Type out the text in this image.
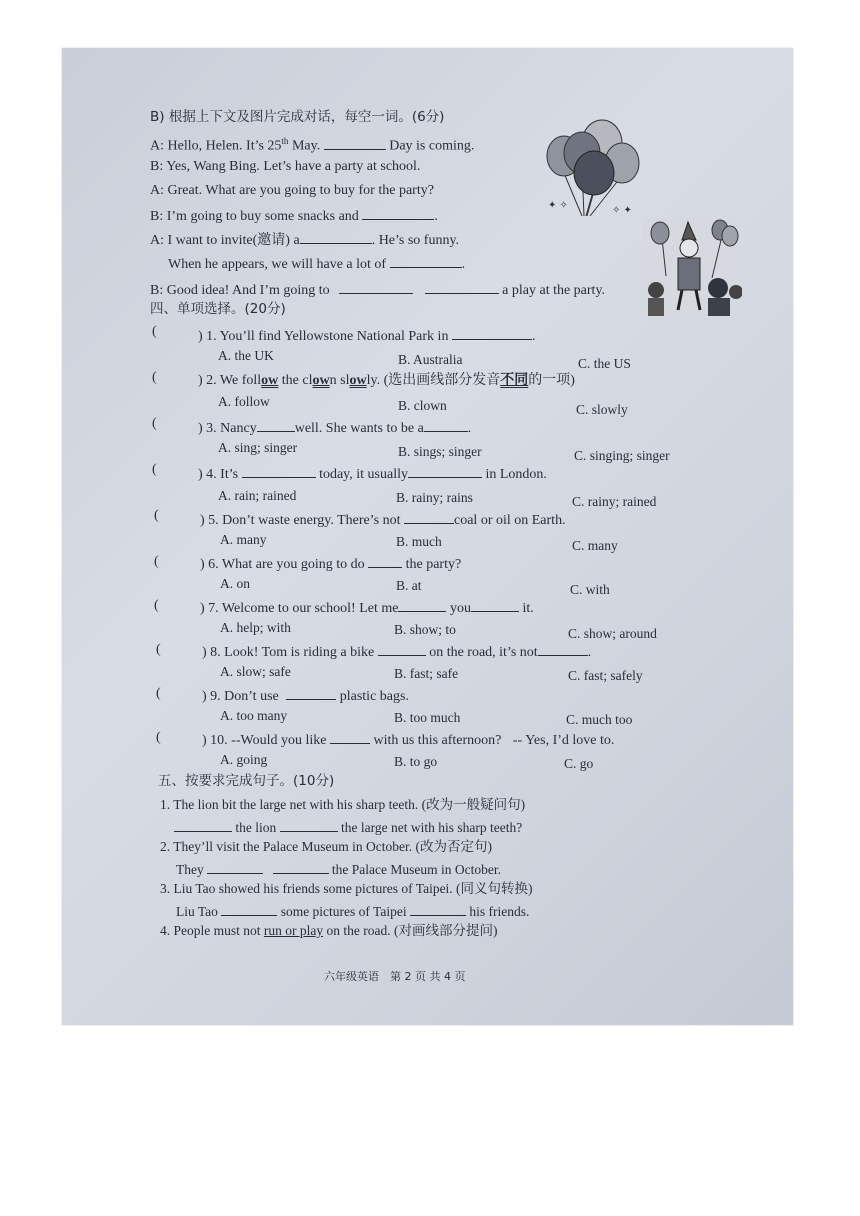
B) 根据上下文及图片完成对话，每空一词。(6分)
A: Hello, Helen. It’s 25th May.	Day is coming.
B: Yes, Wang Bing. Let’s have a party at school.
A: Great. What are you going to buy for the party?
B: I’m going to buy some snacks and	.
A: I want to invite(邀请) a	. He’s so funny.
When he appears, we will have a lot of	.
B: Good idea! And I’m going to	a play at the party.
✦ ✧	✧ ✦
四、单项选择。(20分)
(	) 1. You’ll find Yellowstone National Park in	.
A. the UK	B. Australia	C. the US
(	) 2. We follow the clown slowly. (选出画线部分发音不同的一项)
A. follow	B. clown	C. slowly
(	) 3. Nancy	well. She wants to be a	.
A. sing; singer	B. sings; singer	C. singing; singer
(	) 4. It’s	today, it usually	in London.
A. rain; rained	B. rainy; rains	C. rainy; rained
(	) 5. Don’t waste energy. There’s not	coal or oil on Earth.
A. many	B. much	C. many
(	) 6. What are you going to do	the party?
A. on	B. at	C. with
(	) 7. Welcome to our school! Let me	you	it.
A. help; with	B. show; to	C. show; around
(	) 8. Look! Tom is riding a bike	on the road, it’s not	.
A. slow; safe	B. fast; safe	C. fast; safely
(	) 9. Don’t use	plastic bags.
A. too many	B. too much	C. much too
(	) 10. --Would you like	with us this afternoon? -- Yes, I’d love to.
A. going	B. to go	C. go
五、按要求完成句子。(10分)
1. The lion bit the large net with his sharp teeth. (改为一般疑问句)
the lion	the large net with his sharp teeth?
2. They’ll visit the Palace Museum in October. (改为否定句)
They	the Palace Museum in October.
3. Liu Tao showed his friends some pictures of Taipei. (同义句转换)
Liu Tao	some pictures of Taipei	his friends.
4. People must not run or play on the road. (对画线部分提问)
六年级英语　第 2 页 共 4 页
